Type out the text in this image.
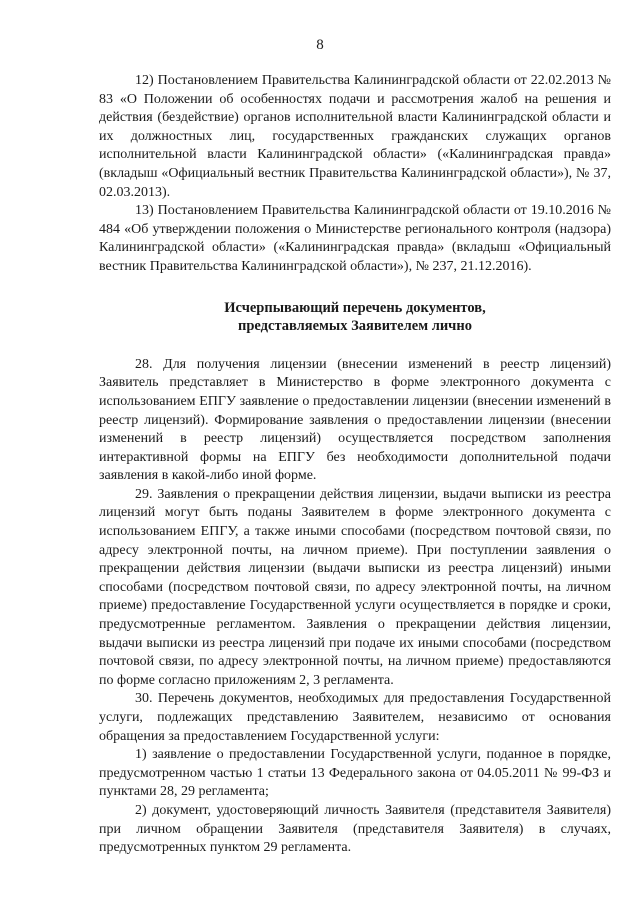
8

12) Постановлением Правительства Калининградской области от 22.02.2013 № 83 «О Положении об особенностях подачи и рассмотрения жалоб на решения и действия (бездействие) органов исполнительной власти Калининградской области и их должностных лиц, государственных гражданских служащих органов исполнительной власти Калининградской области» («Калининградская правда» (вкладыш «Официальный вестник Правительства Калининградской области»), № 37, 02.03.2013).

13) Постановлением Правительства Калининградской области от 19.10.2016 № 484 «Об утверждении положения о Министерстве регионального контроля (надзора) Калининградской области» («Калининградская правда» (вкладыш «Официальный вестник Правительства Калининградской области»), № 237, 21.12.2016).

Исчерпывающий перечень документов,
представляемых Заявителем лично

28. Для получения лицензии (внесении изменений в реестр лицензий) Заявитель представляет в Министерство в форме электронного документа с использованием ЕПГУ заявление о предоставлении лицензии (внесении изменений в реестр лицензий). Формирование заявления о предоставлении лицензии (внесении изменений в реестр лицензий) осуществляется посредством заполнения интерактивной формы на ЕПГУ без необходимости дополнительной подачи заявления в какой-либо иной форме.

29. Заявления о прекращении действия лицензии, выдачи выписки из реестра лицензий могут быть поданы Заявителем в форме электронного документа с использованием ЕПГУ, а также иными способами (посредством почтовой связи, по адресу электронной почты, на личном приеме). При поступлении заявления о прекращении действия лицензии (выдачи выписки из реестра лицензий) иными способами (посредством почтовой связи, по адресу электронной почты, на личном приеме) предоставление Государственной услуги осуществляется в порядке и сроки, предусмотренные регламентом. Заявления о прекращении действия лицензии, выдачи выписки из реестра лицензий при подаче их иными способами (посредством почтовой связи, по адресу электронной почты, на личном приеме) предоставляются по форме согласно приложениям 2, 3 регламента.

30. Перечень документов, необходимых для предоставления Государственной услуги, подлежащих представлению Заявителем, независимо от основания обращения за предоставлением Государственной услуги:

1) заявление о предоставлении Государственной услуги, поданное в порядке, предусмотренном частью 1 статьи 13 Федерального закона от 04.05.2011 № 99-ФЗ и пунктами 28, 29 регламента;

2) документ, удостоверяющий личность Заявителя (представителя Заявителя) при личном обращении Заявителя (представителя Заявителя) в случаях, предусмотренных пунктом 29 регламента.
